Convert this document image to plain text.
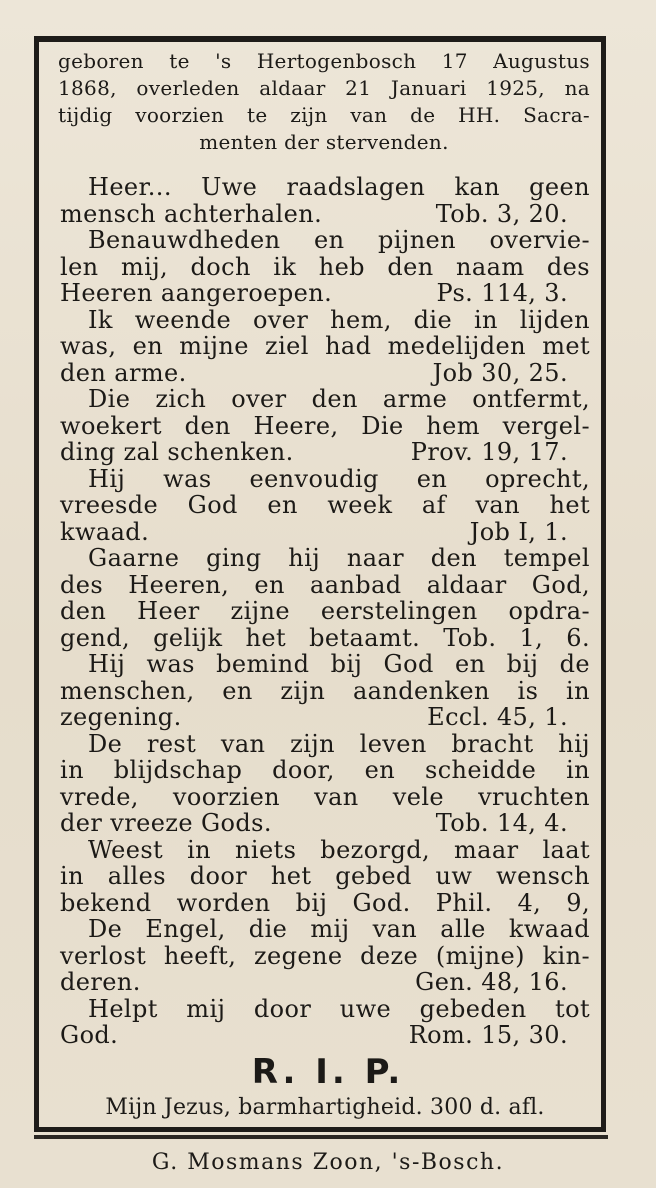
geboren te 's Hertogenbosch 17 Augustus
1868, overleden aldaar 21 Januari 1925, na
tijdig voorzien te zijn van de HH. Sacra-
menten der stervenden.
Heer... Uwe raadslagen kan geen
mensch achterhalen.	Tob. 3, 20.
Benauwdheden en pijnen overvie-
len mij, doch ik heb den naam des
Heeren aangeroepen.	Ps. 114, 3.
Ik weende over hem, die in lijden
was, en mijne ziel had medelijden met
den arme.	Job 30, 25.
Die zich over den arme ontfermt,
woekert den Heere, Die hem vergel-
ding zal schenken.	Prov. 19, 17.
Hij was eenvoudig en oprecht,
vreesde God en week af van het
kwaad.	Job I, 1.
Gaarne ging hij naar den tempel
des Heeren, en aanbad aldaar God,
den Heer zijne eerstelingen opdra-
gend, gelijk het betaamt. Tob. 1, 6.
Hij was bemind bij God en bij de
menschen, en zijn aandenken is in
zegening.	Eccl. 45, 1.
De rest van zijn leven bracht hij
in blijdschap door, en scheidde in
vrede, voorzien van vele vruchten
der vreeze Gods.	Tob. 14, 4.
Weest in niets bezorgd, maar laat
in alles door het gebed uw wensch
bekend worden bij God. Phil. 4, 9,
De Engel, die mij van alle kwaad
verlost heeft, zegene deze (mijne) kin-
deren.	Gen. 48, 16.
Helpt mij door uwe gebeden tot
God.	Rom. 15, 30.
R. I. P.
Mijn Jezus, barmhartigheid. 300 d. afl.
G. Mosmans Zoon, 's-Bosch.
